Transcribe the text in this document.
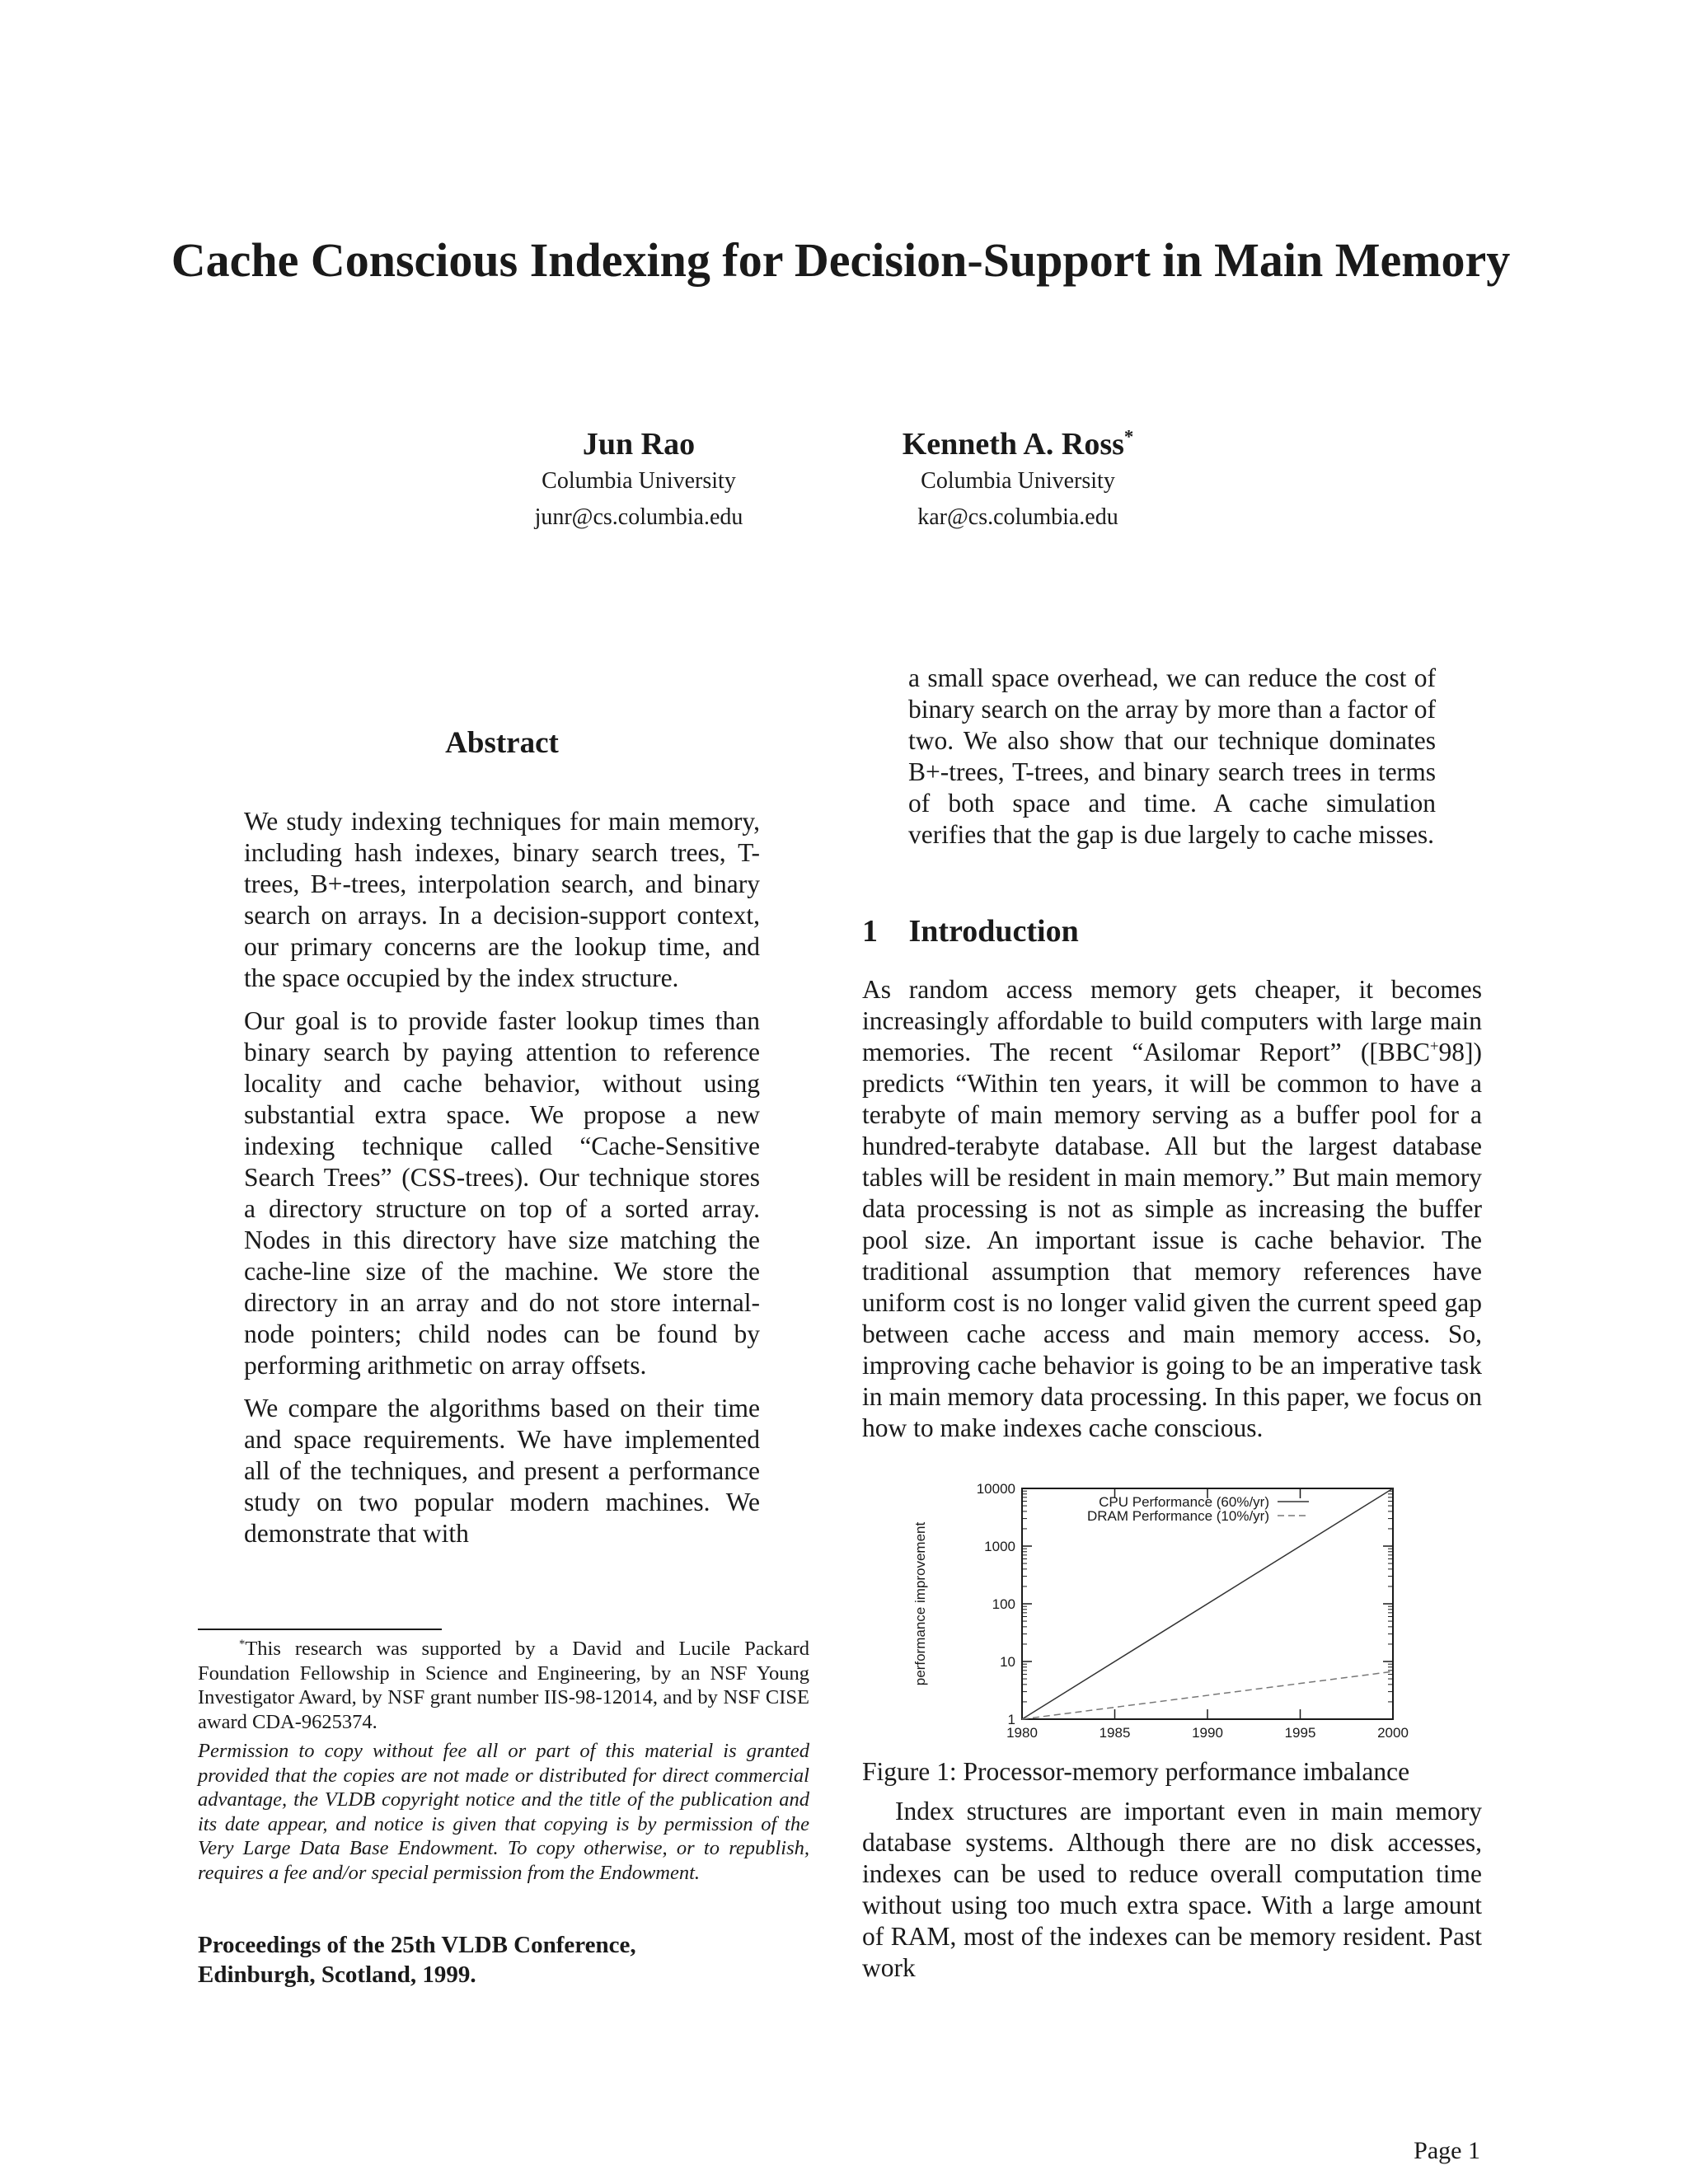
Cache Conscious Indexing for Decision-Support in Main Memory
Jun Rao
Columbia University
junr@cs.columbia.edu
Kenneth A. Ross*
Columbia University
kar@cs.columbia.edu
Abstract

We study indexing techniques for main memory, including hash indexes, binary search trees, T-trees, B+-trees, interpolation search, and binary search on arrays. In a decision-support context, our primary concerns are the lookup time, and the space occupied by the index structure.

Our goal is to provide faster lookup times than binary search by paying attention to reference locality and cache behavior, without using substantial extra space. We propose a new indexing technique called “Cache-Sensitive Search Trees” (CSS-trees). Our technique stores a directory structure on top of a sorted array. Nodes in this directory have size matching the cache-line size of the machine. We store the directory in an array and do not store internal-node pointers; child nodes can be found by performing arithmetic on array offsets.

We compare the algorithms based on their time and space requirements. We have implemented all of the techniques, and present a performance study on two popular modern machines. We demonstrate that with

*This research was supported by a David and Lucile Packard Foundation Fellowship in Science and Engineering, by an NSF Young Investigator Award, by NSF grant number IIS-98-12014, and by NSF CISE award CDA-9625374.

Permission to copy without fee all or part of this material is granted provided that the copies are not made or distributed for direct commercial advantage, the VLDB copyright notice and the title of the publication and its date appear, and notice is given that copying is by permission of the Very Large Data Base Endowment. To copy otherwise, or to republish, requires a fee and/or special permission from the Endowment.

Proceedings of the 25th VLDB Conference,
Edinburgh, Scotland, 1999.
a small space overhead, we can reduce the cost of binary search on the array by more than a factor of two. We also show that our technique dominates B+-trees, T-trees, and binary search trees in terms of both space and time. A cache simulation verifies that the gap is due largely to cache misses.
1 Introduction

As random access memory gets cheaper, it becomes increasingly affordable to build computers with large main memories. The recent “Asilomar Report” ([BBC+98]) predicts “Within ten years, it will be common to have a terabyte of main memory serving as a buffer pool for a hundred-terabyte database. All but the largest database tables will be resident in main memory.” But main memory data processing is not as simple as increasing the buffer pool size. An important issue is cache behavior. The traditional assumption that memory references have uniform cost is no longer valid given the current speed gap between cache access and main memory access. So, improving cache behavior is going to be an imperative task in main memory data processing. In this paper, we focus on how to make indexes cache conscious.

1
10
100
1000
10000
1980	1985	1990	1995	2000
CPU Performance (60%/yr)
DRAM Performance (10%/yr)
performance improvement
Figure 1: Processor-memory performance imbalance
Index structures are important even in main memory database systems. Although there are no disk accesses, indexes can be used to reduce overall computation time without using too much extra space. With a large amount of RAM, most of the indexes can be memory resident. Past work
Page 1
